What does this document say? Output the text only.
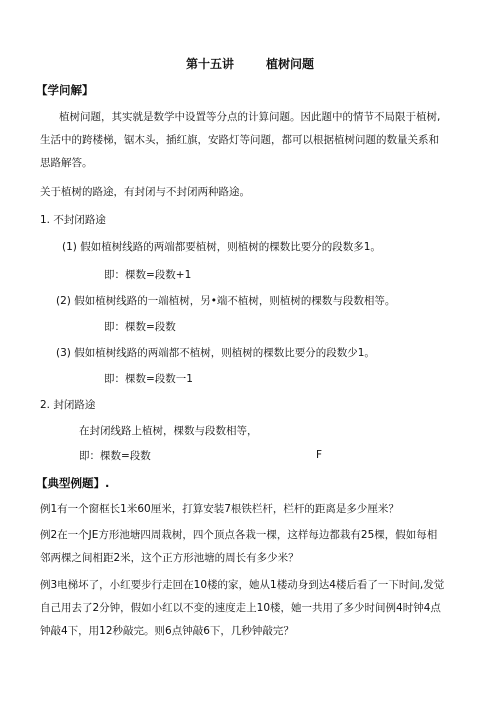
第十五讲	植树问题
【学问解】
植树问题，其实就是数学中设置等分点的计算问题。因此题中的情节不局限于植树,
生活中的跨楼梯，锯木头，插红旗，安路灯等问题，都可以根据植树问题的数量关系和
思路解答。
关于植树的路途，有封闭与不封闭两种路途。
1. 不封闭路途
(1) 假如植树线路的两端都要植树，则植树的棵数比要分的段数多1。
即：棵数=段数+1
(2) 假如植树线路的一端植树，另•端不植树，则植树的棵数与段数相等。
即：棵数=段数
(3) 假如植树线路的两端都不植树，则植树的棵数比要分的段数少1。
即：棵数=段数一1
2. 封闭路途
在封闭线路上植树，棵数与段数相等，
即：棵数=段数	F
【典型例题】.
例1有一个窗框长1米60厘米，打算安装7根铁栏杆，栏杆的距离是多少厘米？
例2在一个JE方形池塘四周栽树，四个顶点各栽一棵，这样每边都栽有25棵，假如每相
邻两棵之间相距2米，这个正方形池塘的周长有多少米？
例3电梯坏了，小红要步行走回在10楼的家，她从1楼动身到达4楼后看了一下时间,发觉
自己用去了2分钟，假如小红以不变的速度走上10楼，她一共用了多少时间例4时钟4点
钟敲4下，用12秒敲完。则6点钟敲6下，几秒钟敲完？
